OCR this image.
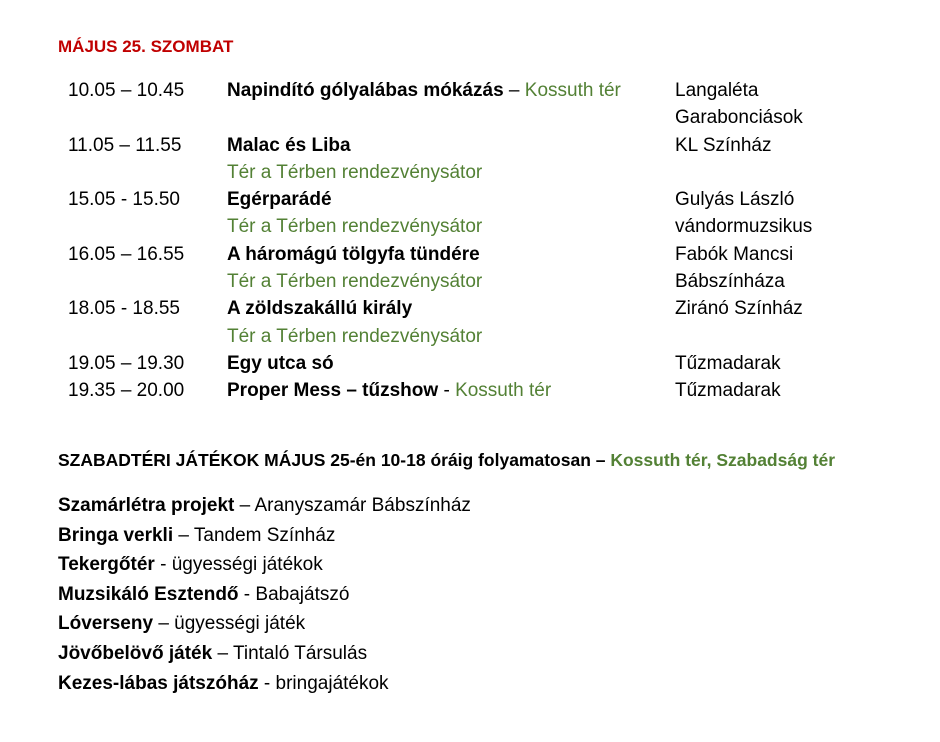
MÁJUS 25. SZOMBAT
10.05 – 10.45 Napindító gólyalábas mókázás – Kossuth tér	Langaléta
Garabonciások
11.05 – 11.55 Malac és Liba	KL Színház
Tér a Térben rendezvénysátor
15.05 - 15.50 Egérparádé	Gulyás László
Tér a Térben rendezvénysátor	vándormuzsikus
16.05 – 16.55 A háromágú tölgyfa tündére	Fabók Mancsi
Tér a Térben rendezvénysátor	Bábszínháza
18.05 - 18.55 A zöldszakállú király	Ziránó Színház
Tér a Térben rendezvénysátor
19.05 – 19.30 Egy utca só	Tűzmadarak
19.35 – 20.00 Proper Mess – tűzshow - Kossuth tér	Tűzmadarak
SZABADTÉRI JÁTÉKOK MÁJUS 25-én 10-18 óráig folyamatosan – Kossuth tér, Szabadság tér
Szamárlétra projekt – Aranyszamár Bábszínház
Bringa verkli – Tandem Színház
Tekergőtér - ügyességi játékok
Muzsikáló Esztendő - Babajátszó
Lóverseny – ügyességi játék
Jövőbelövő játék – Tintaló Társulás
Kezes-lábas játszóház - bringajátékok
